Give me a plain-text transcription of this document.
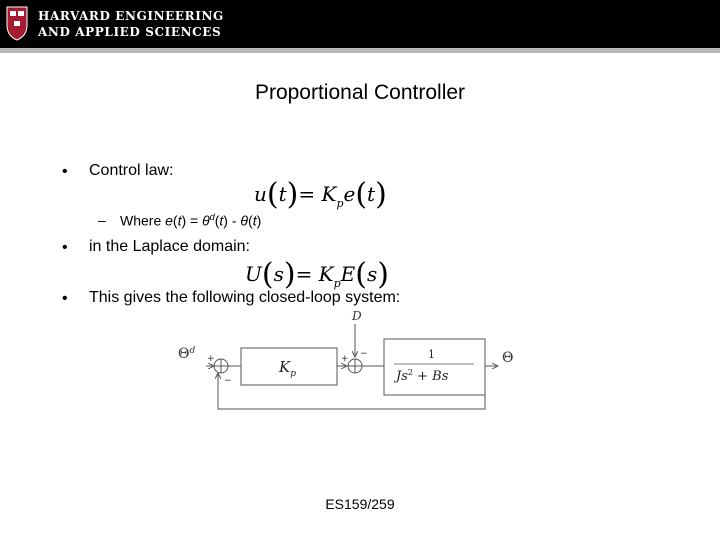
HARVARD ENGINEERING
AND APPLIED SCIENCES
Proportional Controller
• Control law:
$u(t)= K_pe(t)$
– Where $e(t) = \theta^d(t) - \theta(t)$
• in the Laplace domain:
$U(s)= K_pE(s)$
• This gives the following closed-loop system:
$\Theta^d$
+
−
$K_p$
+ −
D
1
$Js^2 + Bs$
Θ
ES159/259
